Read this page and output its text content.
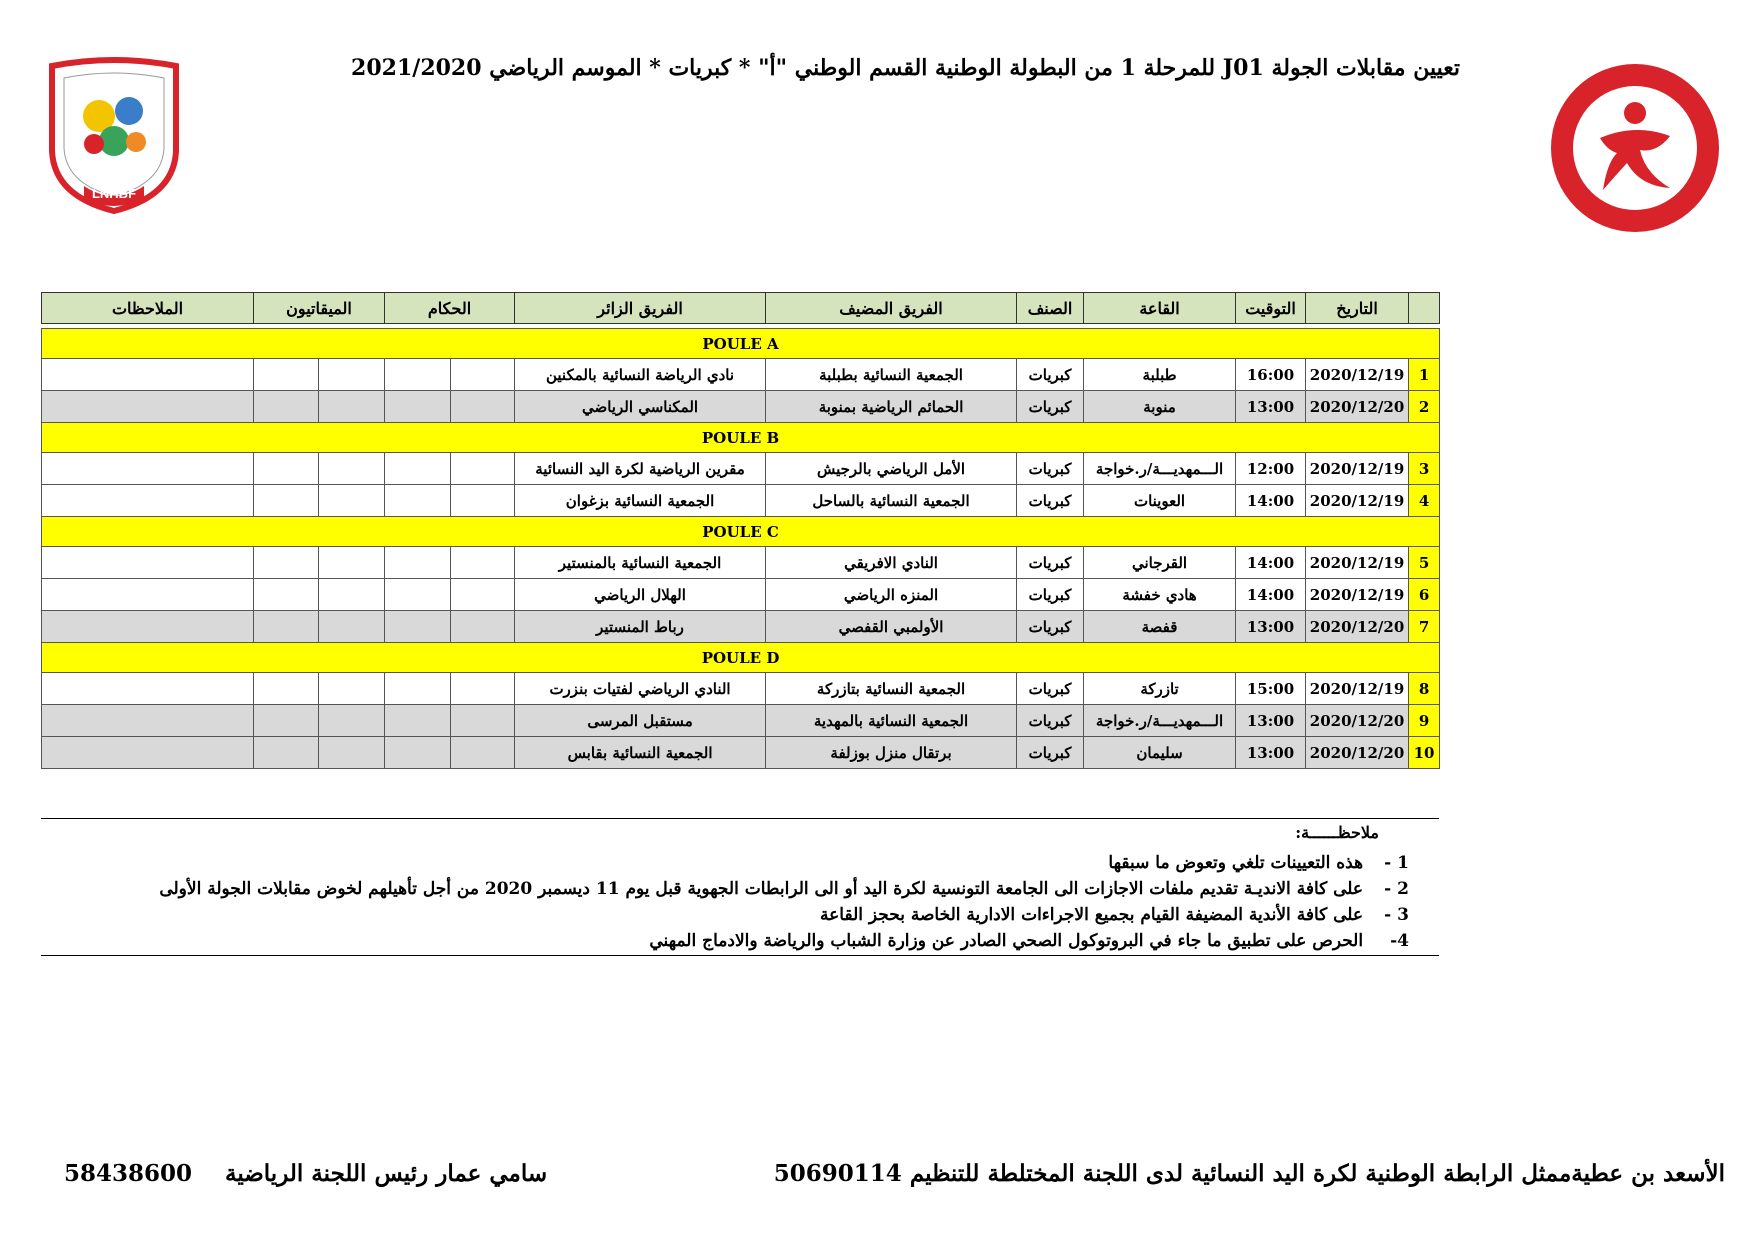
LNHBF
تعيين مقابلات الجولة J01 للمرحلة 1 من البطولة الوطنية القسم الوطني "أ" * كبريات * الموسم الرياضي 2021/2020
	التاريخ	التوقيت	القاعة	الصنف	الفريق المضيف	الفريق الزائر	الحكام		الميقاتيون		الملاحظات

POULE A											
1	2020/12/19	16:00	طبلبة	كبريات	الجمعية النسائية بطبلبة	نادي الرياضة النسائية بالمكنين					
2	2020/12/20	13:00	منوبة	كبريات	الحمائم الرياضية بمنوبة	المكناسي الرياضي					
POULE B											
3	2020/12/19	12:00	الـــمهديـــة/ر.خواجة	كبريات	الأمل الرياضي بالرجيش	مقرين الرياضية لكرة اليد النسائية					
4	2020/12/19	14:00	العوينات	كبريات	الجمعية النسائية بالساحل	الجمعية النسائية بزغوان					
POULE C											
5	2020/12/19	14:00	القرجاني	كبريات	النادي الافريقي	الجمعية النسائية بالمنستير					
6	2020/12/19	14:00	هادي خفشة	كبريات	المنزه الرياضي	الهلال الرياضي					
7	2020/12/20	13:00	قفصة	كبريات	الأولمبي القفصي	رباط المنستير					
POULE D											
8	2020/12/19	15:00	تازركة	كبريات	الجمعية النسائية بتازركة	النادي الرياضي لفتيات بنزرت					
9	2020/12/20	13:00	الـــمهديـــة/ر.خواجة	كبريات	الجمعية النسائية بالمهدية	مستقبل المرسى					
10	2020/12/20	13:00	سليمان	كبريات	برتقال منزل بوزلفة	الجمعية النسائية بقابس					
ملاحظــــــة:
1 - هذه التعيينات تلغي وتعوض ما سبقها
2 - على كافة الانديـة تقديم ملفات الاجازات الى الجامعة التونسية لكرة اليد أو الى الرابطات الجهوية قبل يوم 11 ديسمبر 2020 من أجل تأهيلهم لخوض مقابلات الجولة الأولى
3 - على كافة الأندية المضيفة القيام بجميع الاجراءات الادارية الخاصة بحجز القاعة
4- الحرص على تطبيق ما جاء في البروتوكول الصحي الصادر عن وزارة الشباب والرياضة والادماج المهني
الأسعد بن عطيةممثل الرابطة الوطنية لكرة اليد النسائية لدى اللجنة المختلطة للتنظيم 50690114
سامي عمار رئيس اللجنة الرياضية
58438600
